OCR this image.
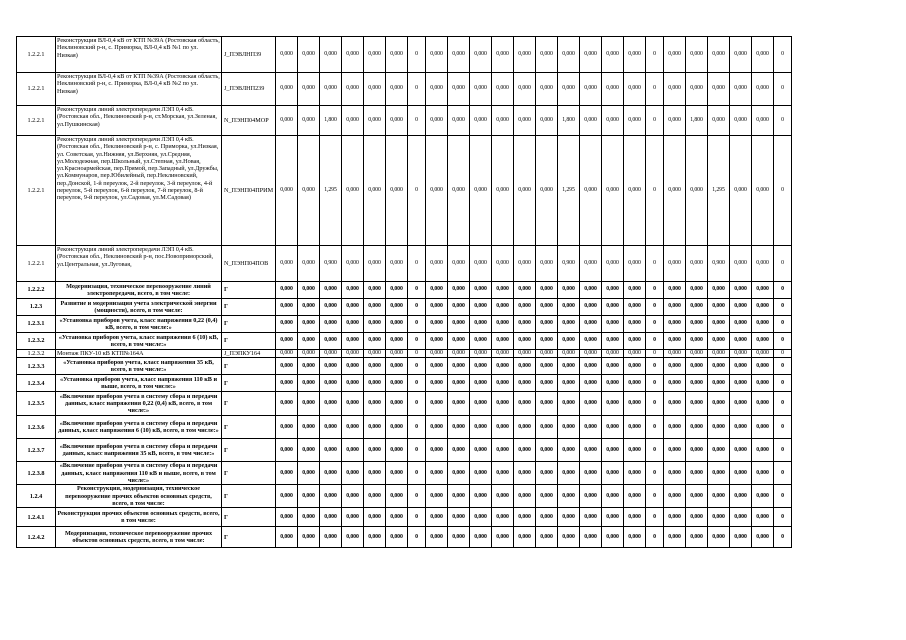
1.2.2.1	Реконструкция ВЛ-0,4 кВ от КТП №39А (Ростовская область, Неклиновский р-н, с. Приморка, ВЛ-0,4 кВ №1 по ул. Низкая)	J_ПЭВЛНП39	0,000	0,000	0,000	0,000	0,000	0,000	0	0,000	0,000	0,000	0,000	0,000	0,000	0,000	0,000	0,000	0,000	0	0,000	0,000	0,000	0,000	0,000	0
1.2.2.1	Реконструкция ВЛ-0,4 кВ от КТП №39А (Ростовская область, Неклиновский р-н, с. Приморка, ВЛ-0,4 кВ №2 по ул. Низкая)	J_ПЭВЛНП239	0,000	0,000	0,000	0,000	0,000	0,000	0	0,000	0,000	0,000	0,000	0,000	0,000	0,000	0,000	0,000	0,000	0	0,000	0,000	0,000	0,000	0,000	0
1.2.2.1	Реконструкция линий электропередачи ЛЭП 0,4 кВ. (Ростовская обл., Неклиновский р-н, ст.Морская, ул.Зеленая, ул.Пушкинская)	N_ПЭНП04МОР	0,000	0,000	1,800	0,000	0,000	0,000	0	0,000	0,000	0,000	0,000	0,000	0,000	1,800	0,000	0,000	0,000	0	0,000	1,800	0,000	0,000	0,000	0
1.2.2.1	Реконструкция линий электропередачи ЛЭП 0,4 кВ. (Ростовская обл., Неклиновский р-н, с. Приморка, ул.Низкая, ул. Советская, ул.Нижняя, ул.Верхняя, ул.Средняя, ул.Молодежная, пер.Школьный, ул.Степная, ул.Новая, ул.Красноармейская, пер.Прямой, пер.Западный, ул.Дружбы, ул.Коммунаров, пер.Юбилейный, пер.Неклиновский, пер.Донской, 1-й переулок, 2-й переулок, 3-й переулок, 4-й переулок, 5-й переулок, 6-й переулок, 7-й переулок, 8-й переулок, 9-й переулок, ул.Садовая, ул.М.Садовая)	N_ПЭНП04ПРИМ	0,000	0,000	1,295	0,000	0,000	0,000	0	0,000	0,000	0,000	0,000	0,000	0,000	1,295	0,000	0,000	0,000	0	0,000	0,000	1,295	0,000	0,000	0
1.2.2.1	Реконструкция линий электропередачи ЛЭП 0,4 кВ. (Ростовская обл., Неклиновский р-н, пос.Новоприморский, ул.Центральная, ул.Луговая,	N_ПЭНП04ПОВ	0,000	0,000	0,900	0,000	0,000	0,000	0	0,000	0,000	0,000	0,000	0,000	0,000	0,900	0,000	0,000	0,000	0	0,000	0,000	0,900	0,000	0,000	0
1.2.2.2	Модернизация, техническое перевооружение линий электропередачи, всего, в том числе:	Г	0,000	0,000	0,000	0,000	0,000	0,000	0	0,000	0,000	0,000	0,000	0,000	0,000	0,000	0,000	0,000	0,000	0	0,000	0,000	0,000	0,000	0,000	0
1.2.3	Развитие и модернизация учета электрической энергии (мощности), всего, в том числе:	Г	0,000	0,000	0,000	0,000	0,000	0,000	0	0,000	0,000	0,000	0,000	0,000	0,000	0,000	0,000	0,000	0,000	0	0,000	0,000	0,000	0,000	0,000	0
1.2.3.1	«Установка приборов учета, класс напряжения 0,22 (0,4) кВ, всего, в том числе:»	Г	0,000	0,000	0,000	0,000	0,000	0,000	0	0,000	0,000	0,000	0,000	0,000	0,000	0,000	0,000	0,000	0,000	0	0,000	0,000	0,000	0,000	0,000	0
1.2.3.2	«Установка приборов учета, класс напряжения 6 (10) кВ, всего, в том числе:»	Г	0,000	0,000	0,000	0,000	0,000	0,000	0	0,000	0,000	0,000	0,000	0,000	0,000	0,000	0,000	0,000	0,000	0	0,000	0,000	0,000	0,000	0,000	0
1.2.3.2	Монтаж ПКУ-10 кВ КТП№164А	J_ПЭПКУ164	0,000	0,000	0,000	0,000	0,000	0,000	0	0,000	0,000	0,000	0,000	0,000	0,000	0,000	0,000	0,000	0,000	0	0,000	0,000	0,000	0,000	0,000	0
1.2.3.3	«Установка приборов учета, класс напряжения 35 кВ, всего, в том числе:»	Г	0,000	0,000	0,000	0,000	0,000	0,000	0	0,000	0,000	0,000	0,000	0,000	0,000	0,000	0,000	0,000	0,000	0	0,000	0,000	0,000	0,000	0,000	0
1.2.3.4	«Установка приборов учета, класс напряжения 110 кВ и выше, всего, в том числе:»	Г	0,000	0,000	0,000	0,000	0,000	0,000	0	0,000	0,000	0,000	0,000	0,000	0,000	0,000	0,000	0,000	0,000	0	0,000	0,000	0,000	0,000	0,000	0
1.2.3.5	«Включение приборов учета в систему сбора и передачи данных, класс напряжения 0,22 (0,4) кВ, всего, в том числе:»	Г	0,000	0,000	0,000	0,000	0,000	0,000	0	0,000	0,000	0,000	0,000	0,000	0,000	0,000	0,000	0,000	0,000	0	0,000	0,000	0,000	0,000	0,000	0
1.2.3.6	«Включение приборов учета в систему сбора и передачи данных, класс напряжения 6 (10) кВ, всего, в том числе:»	Г	0,000	0,000	0,000	0,000	0,000	0,000	0	0,000	0,000	0,000	0,000	0,000	0,000	0,000	0,000	0,000	0,000	0	0,000	0,000	0,000	0,000	0,000	0
1.2.3.7	«Включение приборов учета в систему сбора и передачи данных, класс напряжения 35 кВ, всего, в том числе:»	Г	0,000	0,000	0,000	0,000	0,000	0,000	0	0,000	0,000	0,000	0,000	0,000	0,000	0,000	0,000	0,000	0,000	0	0,000	0,000	0,000	0,000	0,000	0
1.2.3.8	«Включение приборов учета в систему сбора и передачи данных, класс напряжения 110 кВ и выше, всего, в том числе:»	Г	0,000	0,000	0,000	0,000	0,000	0,000	0	0,000	0,000	0,000	0,000	0,000	0,000	0,000	0,000	0,000	0,000	0	0,000	0,000	0,000	0,000	0,000	0
1.2.4	Реконструкция, модернизация, техническое перевооружение прочих объектов основных средств, всего, в том числе:	Г	0,000	0,000	0,000	0,000	0,000	0,000	0	0,000	0,000	0,000	0,000	0,000	0,000	0,000	0,000	0,000	0,000	0	0,000	0,000	0,000	0,000	0,000	0
1.2.4.1	Реконструкция прочих объектов основных средств, всего, в том числе:	Г	0,000	0,000	0,000	0,000	0,000	0,000	0	0,000	0,000	0,000	0,000	0,000	0,000	0,000	0,000	0,000	0,000	0	0,000	0,000	0,000	0,000	0,000	0
1.2.4.2	Модернизация, техническое перевооружение прочих объектов основных средств, всего, в том числе:	Г	0,000	0,000	0,000	0,000	0,000	0,000	0	0,000	0,000	0,000	0,000	0,000	0,000	0,000	0,000	0,000	0,000	0	0,000	0,000	0,000	0,000	0,000	0
